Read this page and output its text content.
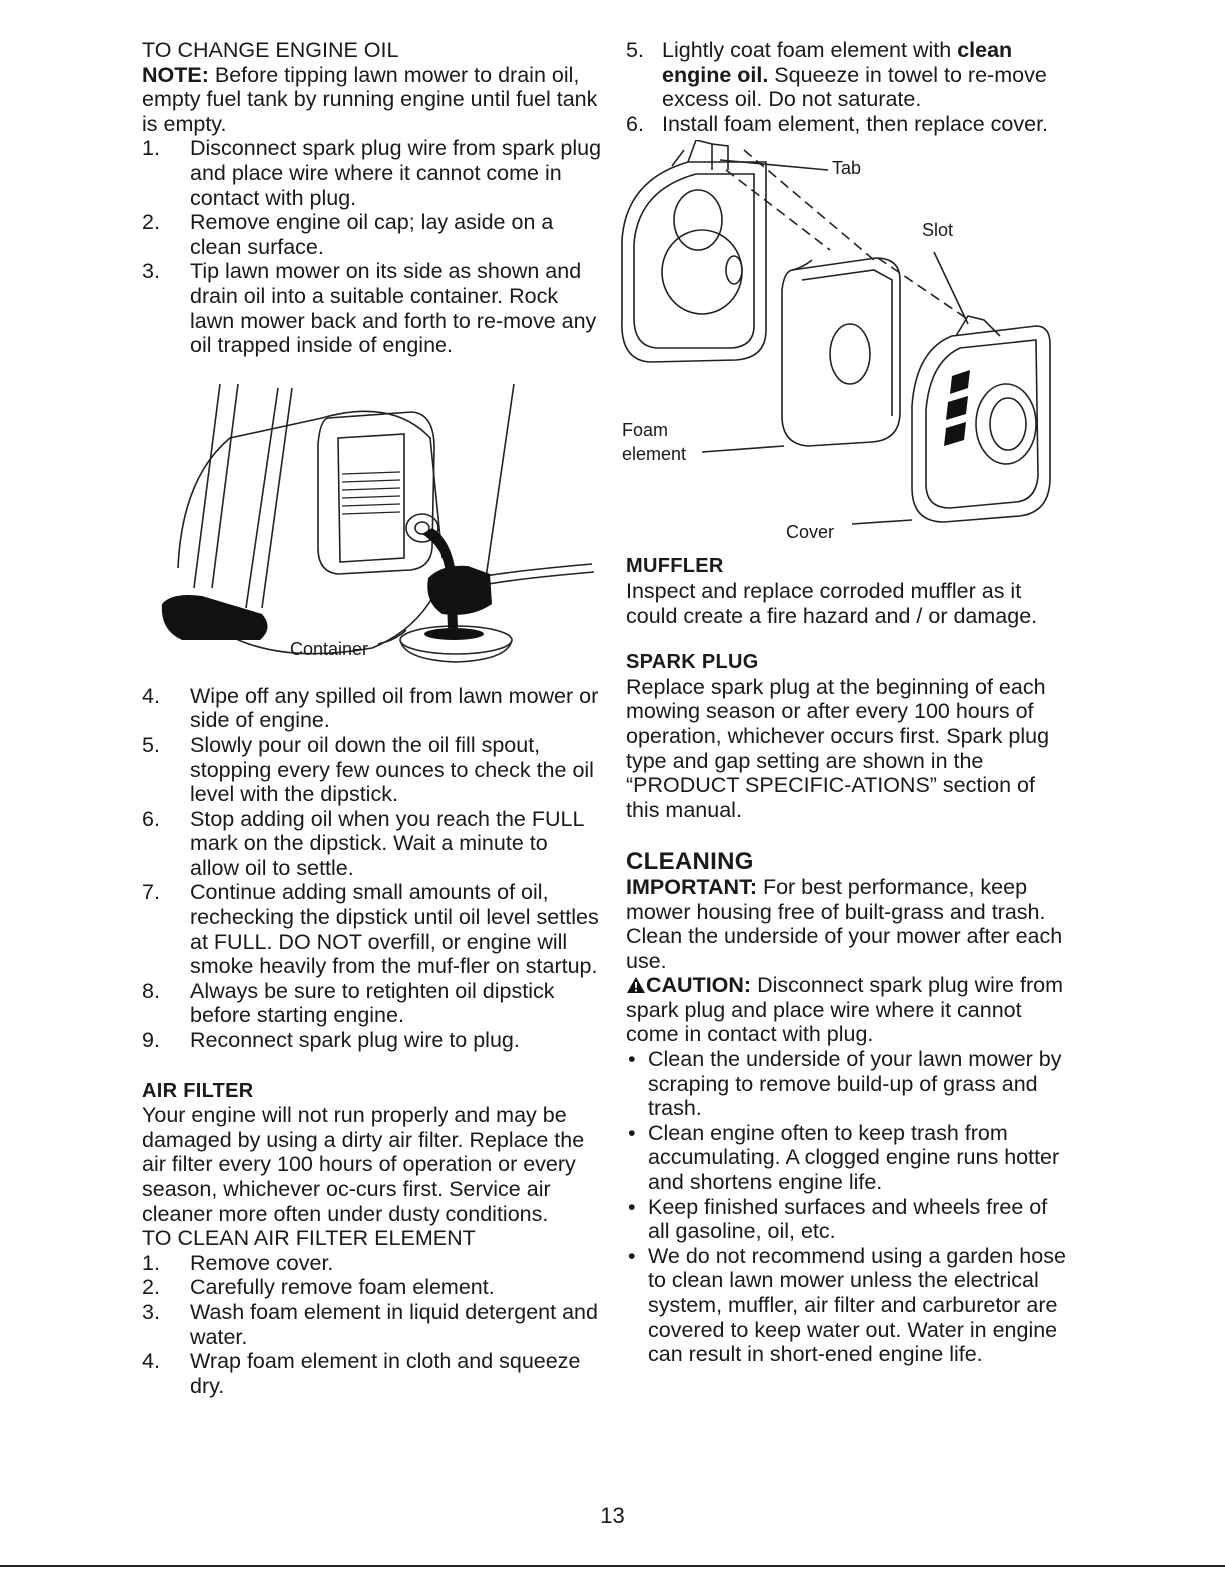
TO CHANGE ENGINE OIL

NOTE: Before tipping lawn mower to drain oil, empty fuel tank by running engine until fuel tank is empty.

1. Disconnect spark plug wire from spark plug and place wire where it cannot come in contact with plug.
2. Remove engine oil cap; lay aside on a clean surface.
3. Tip lawn mower on its side as shown and drain oil into a suitable container. Rock lawn mower back and forth to re-move any oil trapped inside of engine.
Container
4. Wipe off any spilled oil from lawn mower or side of engine.
5. Slowly pour oil down the oil fill spout, stopping every few ounces to check the oil level with the dipstick.
6. Stop adding oil when you reach the FULL mark on the dipstick. Wait a minute to allow oil to settle.
7. Continue adding small amounts of oil, rechecking the dipstick until oil level settles at FULL. DO NOT overfill, or engine will smoke heavily from the muf-fler on startup.
8. Always be sure to retighten oil dipstick before starting engine.
9. Reconnect spark plug wire to plug.
AIR FILTER

Your engine will not run properly and may be damaged by using a dirty air filter. Replace the air filter every 100 hours of operation or every season, whichever oc-curs first. Service air cleaner more often under dusty conditions.

TO CLEAN AIR FILTER ELEMENT

1. Remove cover.
2. Carefully remove foam element.
3. Wash foam element in liquid detergent and water.
4. Wrap foam element in cloth and squeeze dry.
5. Lightly coat foam element with clean engine oil. Squeeze in towel to re-move excess oil. Do not saturate.
6. Install foam element, then replace cover.
Tab
Slot
Foam
element
Cover
MUFFLER

Inspect and replace corroded muffler as it could create a fire hazard and / or damage.

SPARK PLUG

Replace spark plug at the beginning of each mowing season or after every 100 hours of operation, whichever occurs first. Spark plug type and gap setting are shown in the “PRODUCT SPECIFIC-ATIONS” section of this manual.

CLEANING

IMPORTANT: For best performance, keep mower housing free of built-grass and trash. Clean the underside of your mower after each use.

CAUTION: Disconnect spark plug wire from spark plug and place wire where it cannot come in contact with plug.

• Clean the underside of your lawn mower by scraping to remove build-up of grass and trash.
• Clean engine often to keep trash from accumulating. A clogged engine runs hotter and shortens engine life.
• Keep finished surfaces and wheels free of all gasoline, oil, etc.
• We do not recommend using a garden hose to clean lawn mower unless the electrical system, muffler, air filter and carburetor are covered to keep water out. Water in engine can result in short-ened engine life.
13
